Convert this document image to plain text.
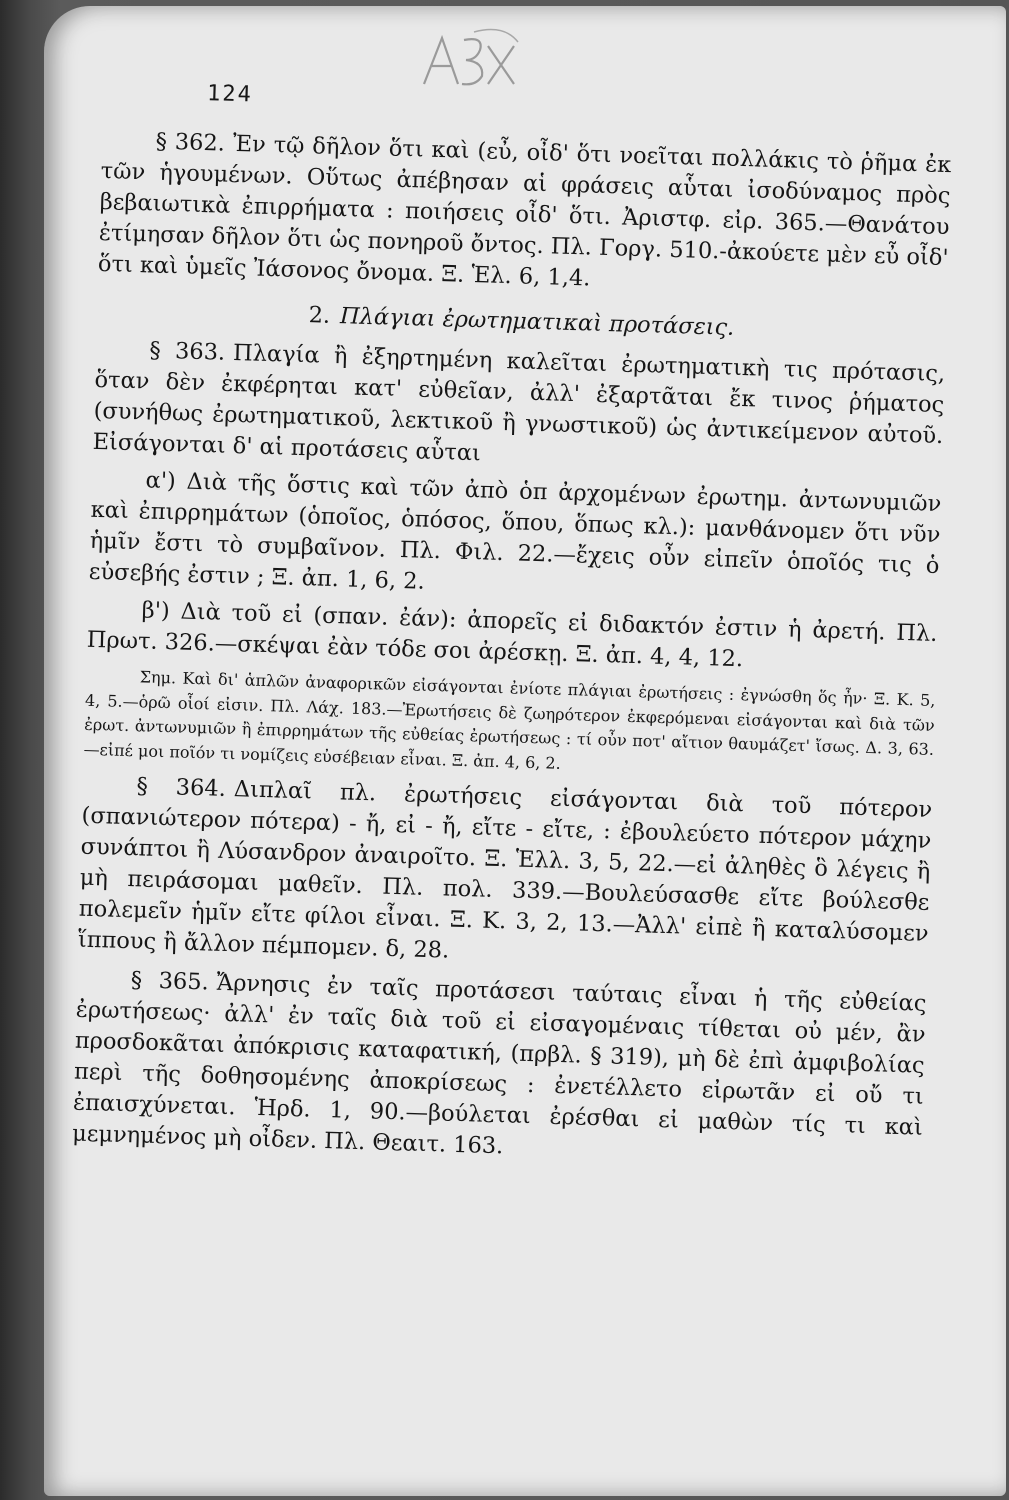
124

§ 362. Ἐν τῷ δῆλον ὅτι καὶ (εὖ, οἶδ' ὅτι νοεῖται πολλάκις τὸ ῥῆμα ἐκ τῶν ἡγουμένων. Οὕτως ἀπέβησαν αἱ φράσεις αὗται ἰσοδύναμος πρὸς βεβαιωτικὰ ἐπιρρήματα : ποιήσεις οἶδ' ὅτι. Ἀριστφ. εἰρ. 365.—Θανάτου ἐτίμησαν δῆλον ὅτι ὡς πονηροῦ ὄντος. Πλ. Γοργ. 510.-ἀκούετε μὲν εὖ οἶδ' ὅτι καὶ ὑμεῖς Ἰάσονος ὄνομα. Ξ. Ἑλ. 6, 1,4.

2. Πλάγιαι ἐρωτηματικαὶ προτάσεις.

§ 363. Πλαγία ἢ ἐξηρτημένη καλεῖται ἐρωτηματικὴ τις πρότασις, ὅταν δὲν ἐκφέρηται κατ' εὐθεῖαν, ἀλλ' ἐξαρτᾶται ἔκ τινος ῥήματος (συνήθως ἐρωτηματικοῦ, λεκτικοῦ ἢ γνωστικοῦ) ὡς ἀντικείμενον αὐτοῦ. Εἰσάγονται δ' αἱ προτάσεις αὗται

α') Διὰ τῆς ὅστις καὶ τῶν ἀπὸ ὁπ ἀρχομένων ἐρωτημ. ἀντωνυμιῶν καὶ ἐπιρρημάτων (ὁποῖος, ὁπόσος, ὅπου, ὅπως κλ.): μανθάνομεν ὅτι νῦν ἡμῖν ἔστι τὸ συμβαῖνον. Πλ. Φιλ. 22.—ἔχεις οὖν εἰπεῖν ὁποῖός τις ὁ εὐσεβής ἐστιν ; Ξ. ἀπ. 1, 6, 2.

β') Διὰ τοῦ εἰ (σπαν. ἐάν): ἀπορεῖς εἰ διδακτόν ἐστιν ἡ ἀρετή. Πλ. Πρωτ. 326.—σκέψαι ἐὰν τόδε σοι ἀρέσκῃ. Ξ. ἀπ. 4, 4, 12.

Σημ. Καὶ δι' ἁπλῶν ἀναφορικῶν εἰσάγονται ἐνίοτε πλάγιαι ἐρωτήσεις : ἐγνώσθη ὅς ἦν· Ξ. Κ. 5, 4, 5.—ὁρῶ οἷοί εἰσιν. Πλ. Λάχ. 183.—Ἐρωτήσεις δὲ ζωηρότερον ἐκφερόμεναι εἰσάγονται καὶ διὰ τῶν ἐρωτ. ἀντωνυμιῶν ἢ ἐπιρρημάτων τῆς εὐθείας ἐρωτήσεως : τί οὖν ποτ' αἴτιον θαυμάζετ' ἴσως. Δ. 3, 63.—εἰπέ μοι ποῖόν τι νομίζεις εὐσέβειαν εἶναι. Ξ. ἀπ. 4, 6, 2.

§ 364. Διπλαῖ πλ. ἐρωτήσεις εἰσάγονται διὰ τοῦ πότερον (σπανιώτερον πότερα) - ἤ, εἰ - ἤ, εἴτε - εἴτε, : ἐβουλεύετο πότερον μάχην συνάπτοι ἢ Λύσανδρον ἀναιροῖτο. Ξ. Ἑλλ. 3, 5, 22.—εἰ ἀληθὲς ὃ λέγεις ἢ μὴ πειράσομαι μαθεῖν. Πλ. πολ. 339.—Βουλεύσασθε εἴτε βούλεσθε πολεμεῖν ἡμῖν εἴτε φίλοι εἶναι. Ξ. Κ. 3, 2, 13.—Ἀλλ' εἰπὲ ἢ καταλύσομεν ἵππους ἢ ἄλλον πέμπομεν. δ, 28.

§ 365. Ἄρνησις ἐν ταῖς προτάσεσι ταύταις εἶναι ἡ τῆς εὐθείας ἐρωτήσεως· ἀλλ' ἐν ταῖς διὰ τοῦ εἰ εἰσαγομέναις τίθεται οὐ μέν, ἂν προσδοκᾶται ἀπόκρισις καταφατική, (πρβλ. § 319), μὴ δὲ ἐπὶ ἀμφιβολίας περὶ τῆς δοθησομένης ἀποκρίσεως : ἐνετέλλετο εἰρωτᾶν εἰ οὔ τι ἐπαισχύνεται. Ἡρδ. 1, 90.—βούλεται ἐρέσθαι εἰ μαθὼν τίς τι καὶ μεμνημένος μὴ οἶδεν. Πλ. Θεαιτ. 163.
